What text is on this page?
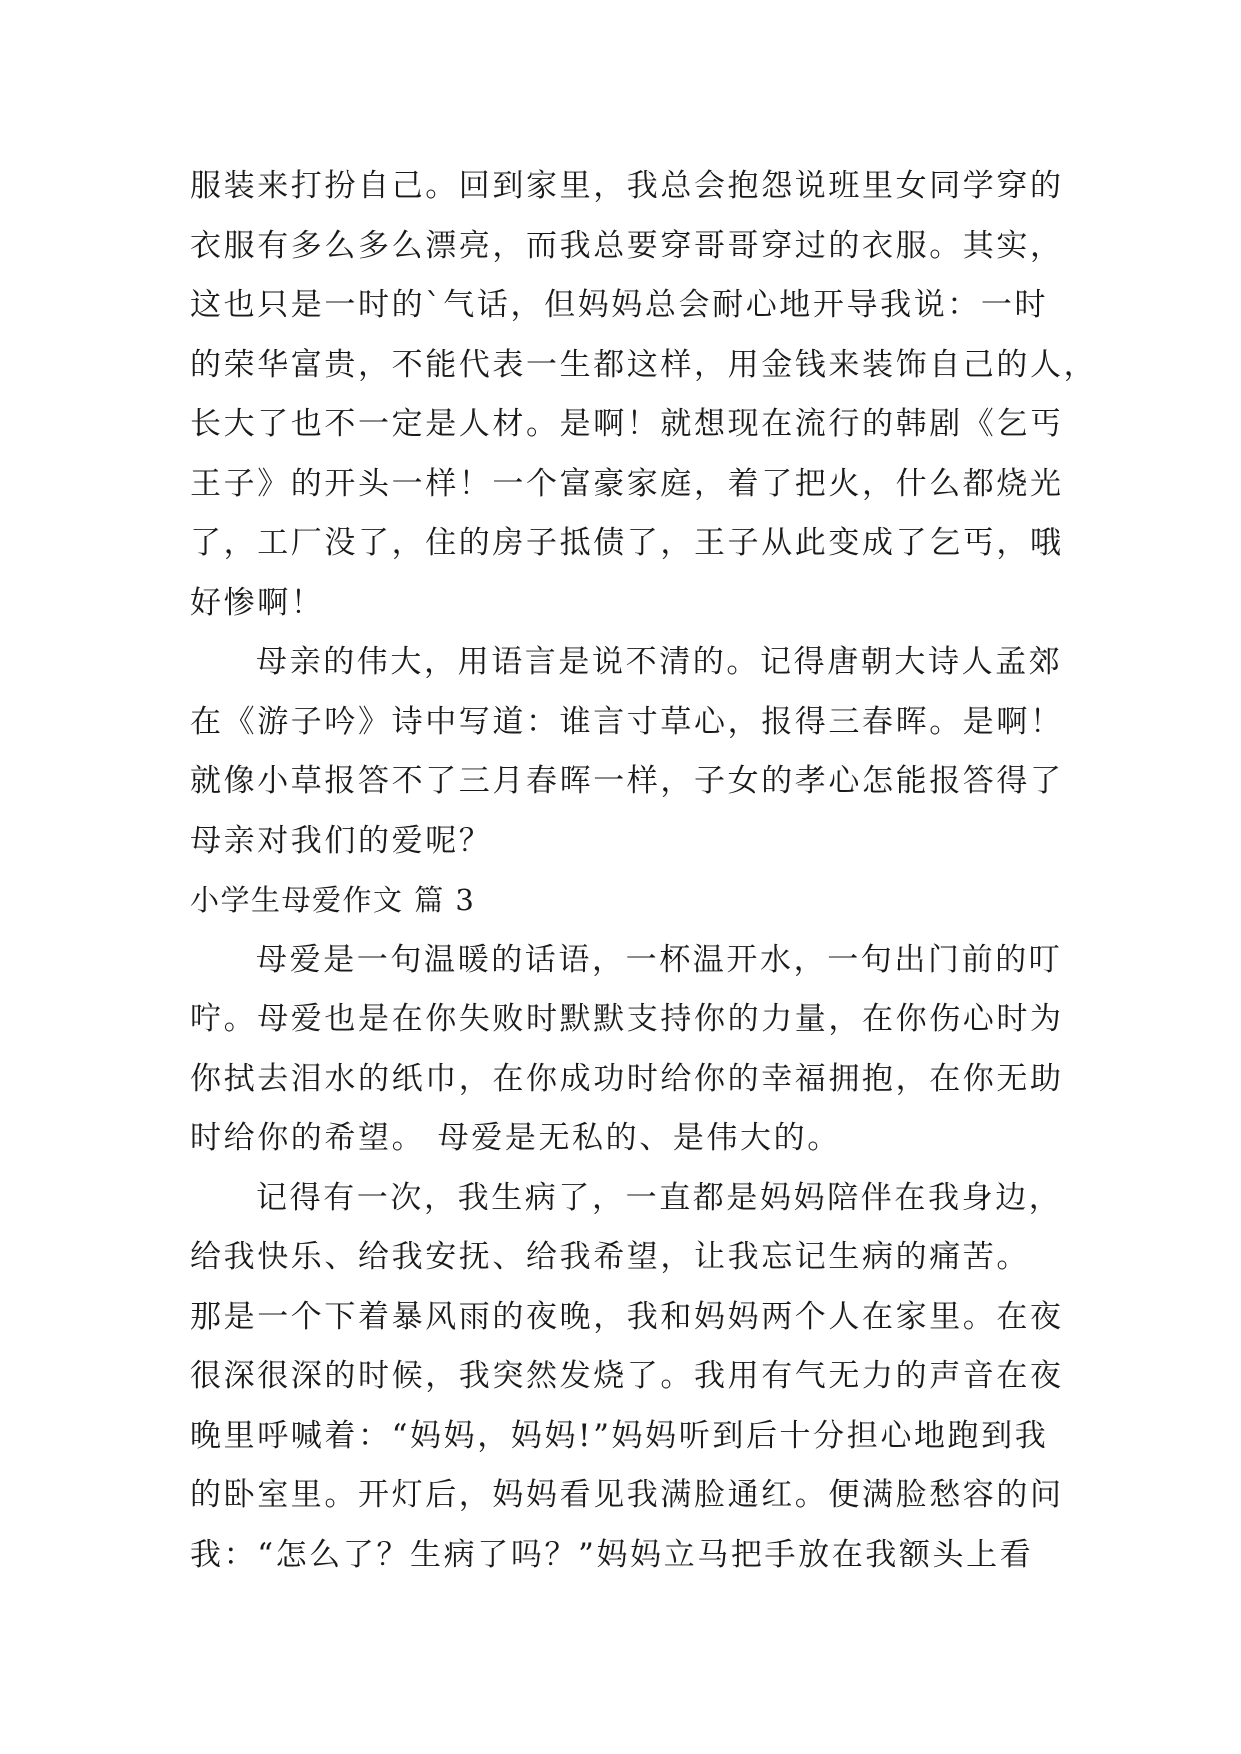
服装来打扮自己。回到家里，我总会抱怨说班里女同学穿的
衣服有多么多么漂亮，而我总要穿哥哥穿过的衣服。其实，
这也只是一时的`气话，但妈妈总会耐心地开导我说：一时
的荣华富贵，不能代表一生都这样，用金钱来装饰自己的人，
长大了也不一定是人材。是啊！就想现在流行的韩剧《乞丐
王子》的开头一样！一个富豪家庭，着了把火，什么都烧光
了，工厂没了，住的房子抵债了，王子从此变成了乞丐，哦
好惨啊！
母亲的伟大，用语言是说不清的。记得唐朝大诗人孟郊
在《游子吟》诗中写道：谁言寸草心，报得三春晖。是啊！
就像小草报答不了三月春晖一样，子女的孝心怎能报答得了
母亲对我们的爱呢？
小学生母爱作文 篇 3
母爱是一句温暖的话语，一杯温开水，一句出门前的叮
咛。母爱也是在你失败时默默支持你的力量，在你伤心时为
你拭去泪水的纸巾，在你成功时给你的幸福拥抱，在你无助
时给你的希望。 母爱是无私的、是伟大的。
记得有一次，我生病了，一直都是妈妈陪伴在我身边，
给我快乐、给我安抚、给我希望，让我忘记生病的痛苦。
那是一个下着暴风雨的夜晚，我和妈妈两个人在家里。在夜
很深很深的时候，我突然发烧了。我用有气无力的声音在夜
晚里呼喊着：“妈妈，妈妈!”妈妈听到后十分担心地跑到我
的卧室里。开灯后，妈妈看见我满脸通红。便满脸愁容的问
我：“怎么了？生病了吗？”妈妈立马把手放在我额头上看
